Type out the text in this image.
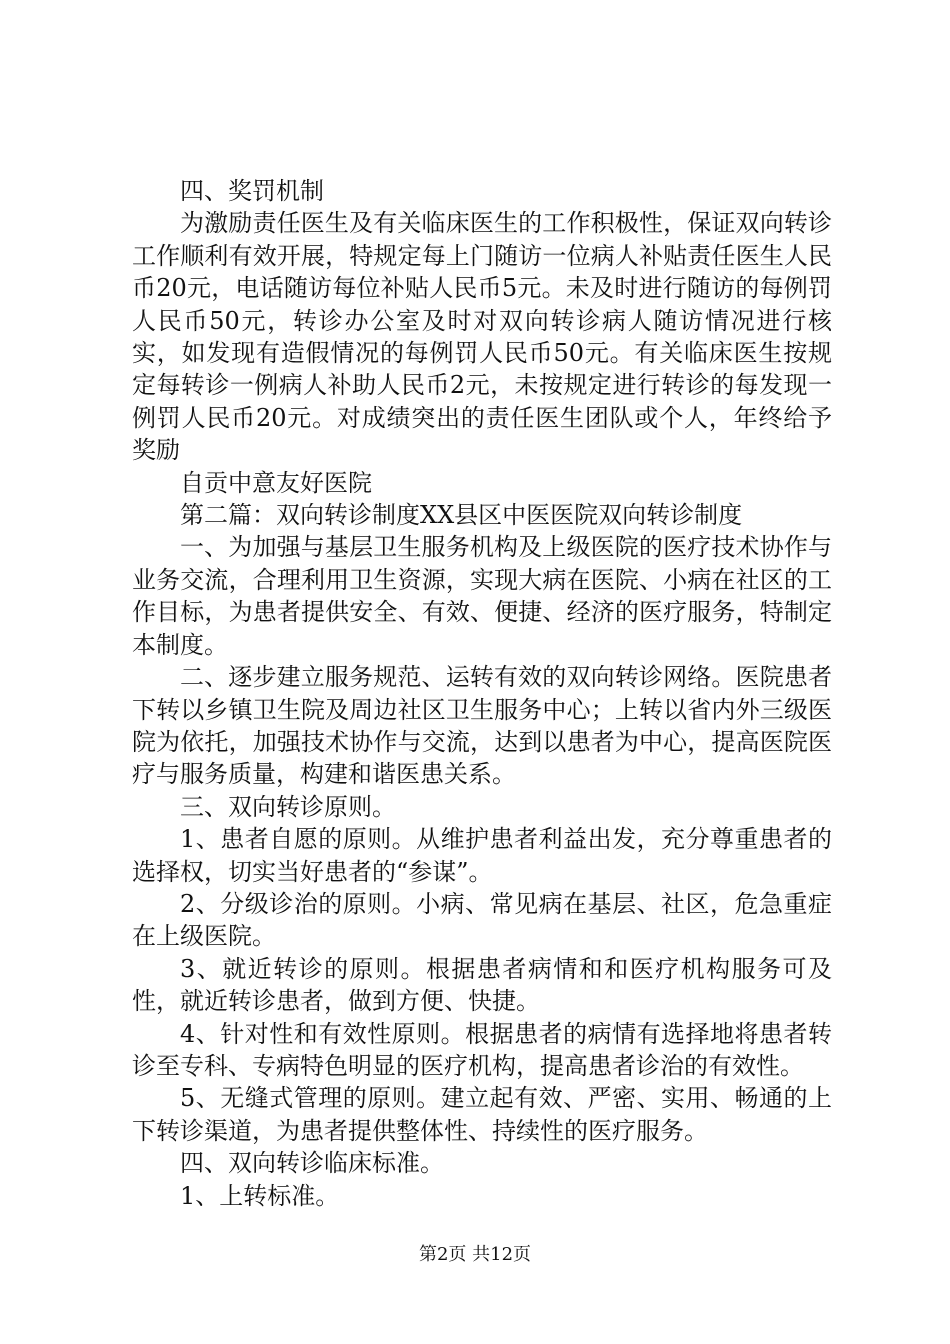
四、奖罚机制

为激励责任医生及有关临床医生的工作积极性，保证双向转诊工作顺利有效开展，特规定每上门随访一位病人补贴责任医生人民币20元，电话随访每位补贴人民币5元。未及时进行随访的每例罚人民币50元，转诊办公室及时对双向转诊病人随访情况进行核实，如发现有造假情况的每例罚人民币50元。有关临床医生按规定每转诊一例病人补助人民币2元，未按规定进行转诊的每发现一例罚人民币20元。对成绩突出的责任医生团队或个人，年终给予奖励

自贡中意友好医院

第二篇：双向转诊制度XX县区中医医院双向转诊制度

一、为加强与基层卫生服务机构及上级医院的医疗技术协作与业务交流，合理利用卫生资源，实现大病在医院、小病在社区的工作目标，为患者提供安全、有效、便捷、经济的医疗服务，特制定本制度。

二、逐步建立服务规范、运转有效的双向转诊网络。医院患者下转以乡镇卫生院及周边社区卫生服务中心；上转以省内外三级医院为依托，加强技术协作与交流，达到以患者为中心，提高医院医疗与服务质量，构建和谐医患关系。

三、双向转诊原则。

1、患者自愿的原则。从维护患者利益出发，充分尊重患者的选择权，切实当好患者的“参谋”。

2、分级诊治的原则。小病、常见病在基层、社区，危急重症在上级医院。

3、就近转诊的原则。根据患者病情和和医疗机构服务可及性，就近转诊患者，做到方便、快捷。

4、针对性和有效性原则。根据患者的病情有选择地将患者转诊至专科、专病特色明显的医疗机构，提高患者诊治的有效性。

5、无缝式管理的原则。建立起有效、严密、实用、畅通的上下转诊渠道，为患者提供整体性、持续性的医疗服务。

四、双向转诊临床标准。

1、上转标准。

第2页 共12页
